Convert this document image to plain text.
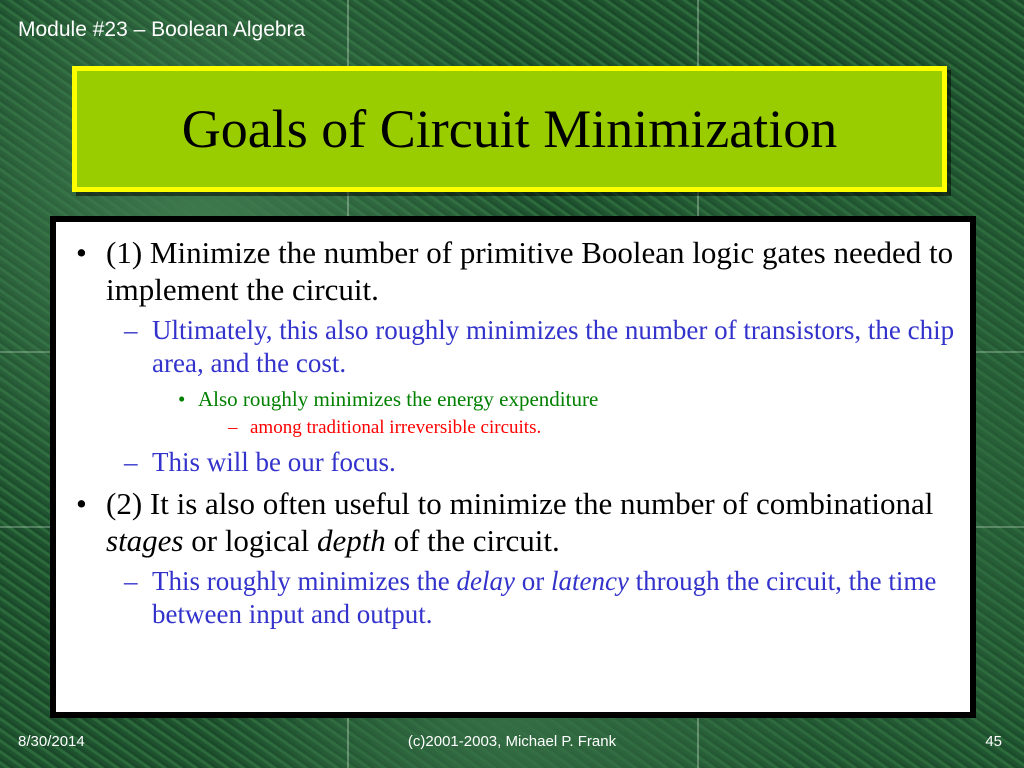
Module #23 – Boolean Algebra
Goals of Circuit Minimization
• (1) Minimize the number of primitive Boolean logic gates needed to implement the circuit.
– Ultimately, this also roughly minimizes the number of transistors, the chip area, and the cost.
• Also roughly minimizes the energy expenditure
– among traditional irreversible circuits.
– This will be our focus.
• (2) It is also often useful to minimize the number of combinational stages or logical depth of the circuit.
– This roughly minimizes the delay or latency through the circuit, the time between input and output.
8/30/2014	(c)2001-2003, Michael P. Frank	45
